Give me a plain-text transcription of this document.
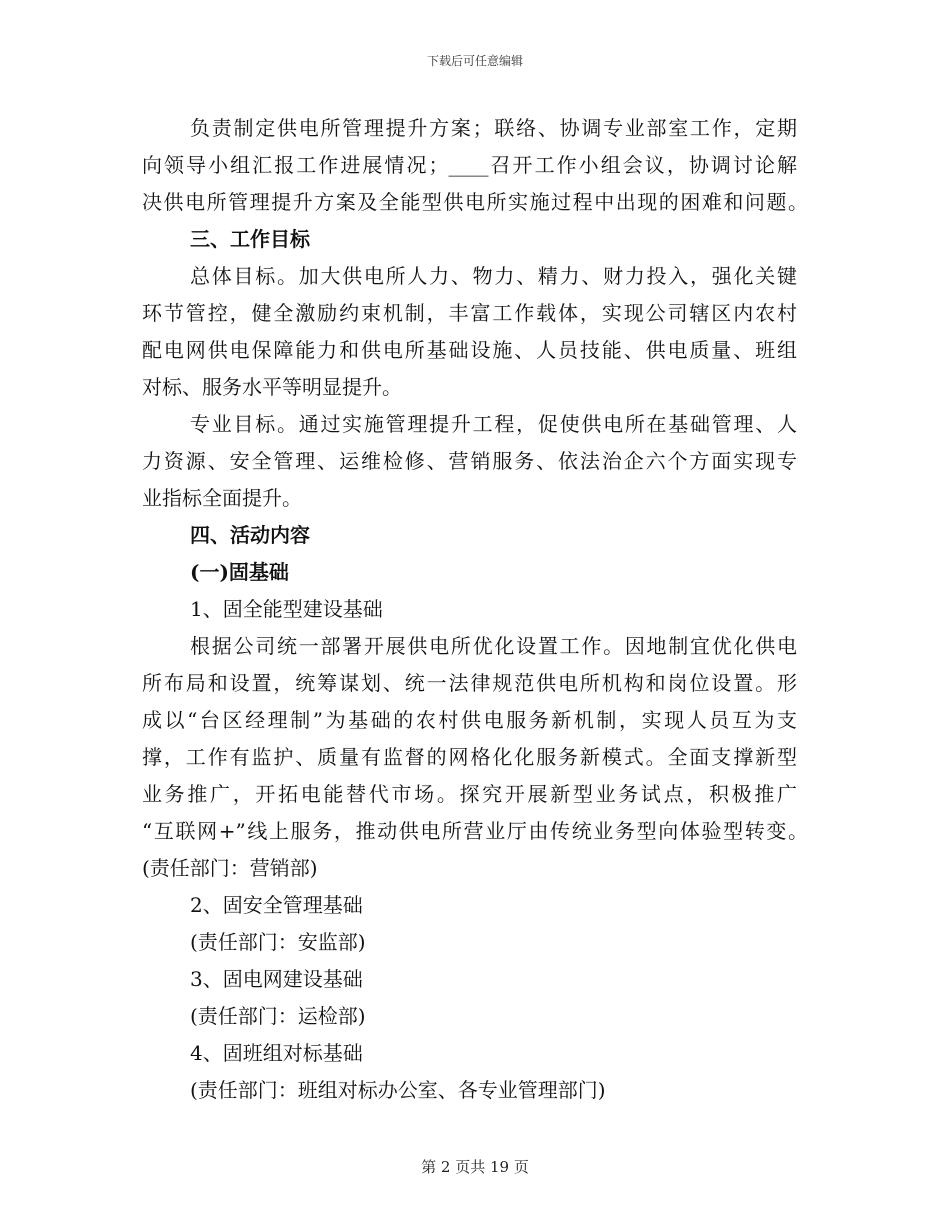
下载后可任意编辑
负责制定供电所管理提升方案；联络、协调专业部室工作，定期
向领导小组汇报工作进展情况；____召开工作小组会议，协调讨论解
决供电所管理提升方案及全能型供电所实施过程中出现的困难和问题。
三、工作目标
总体目标。加大供电所人力、物力、精力、财力投入，强化关键
环节管控，健全激励约束机制，丰富工作载体，实现公司辖区内农村
配电网供电保障能力和供电所基础设施、人员技能、供电质量、班组
对标、服务水平等明显提升。
专业目标。通过实施管理提升工程，促使供电所在基础管理、人
力资源、安全管理、运维检修、营销服务、依法治企六个方面实现专
业指标全面提升。
四、活动内容
(一)固基础
1、固全能型建设基础
根据公司统一部署开展供电所优化设置工作。因地制宜优化供电
所布局和设置，统筹谋划、统一法律规范供电所机构和岗位设置。形
成以“台区经理制”为基础的农村供电服务新机制，实现人员互为支
撑，工作有监护、质量有监督的网格化化服务新模式。全面支撑新型
业务推广，开拓电能替代市场。探究开展新型业务试点，积极推广
“互联网+”线上服务，推动供电所营业厅由传统业务型向体验型转变。
(责任部门：营销部)
2、固安全管理基础
(责任部门：安监部)
3、固电网建设基础
(责任部门：运检部)
4、固班组对标基础
(责任部门：班组对标办公室、各专业管理部门)
第 2 页共 19 页
